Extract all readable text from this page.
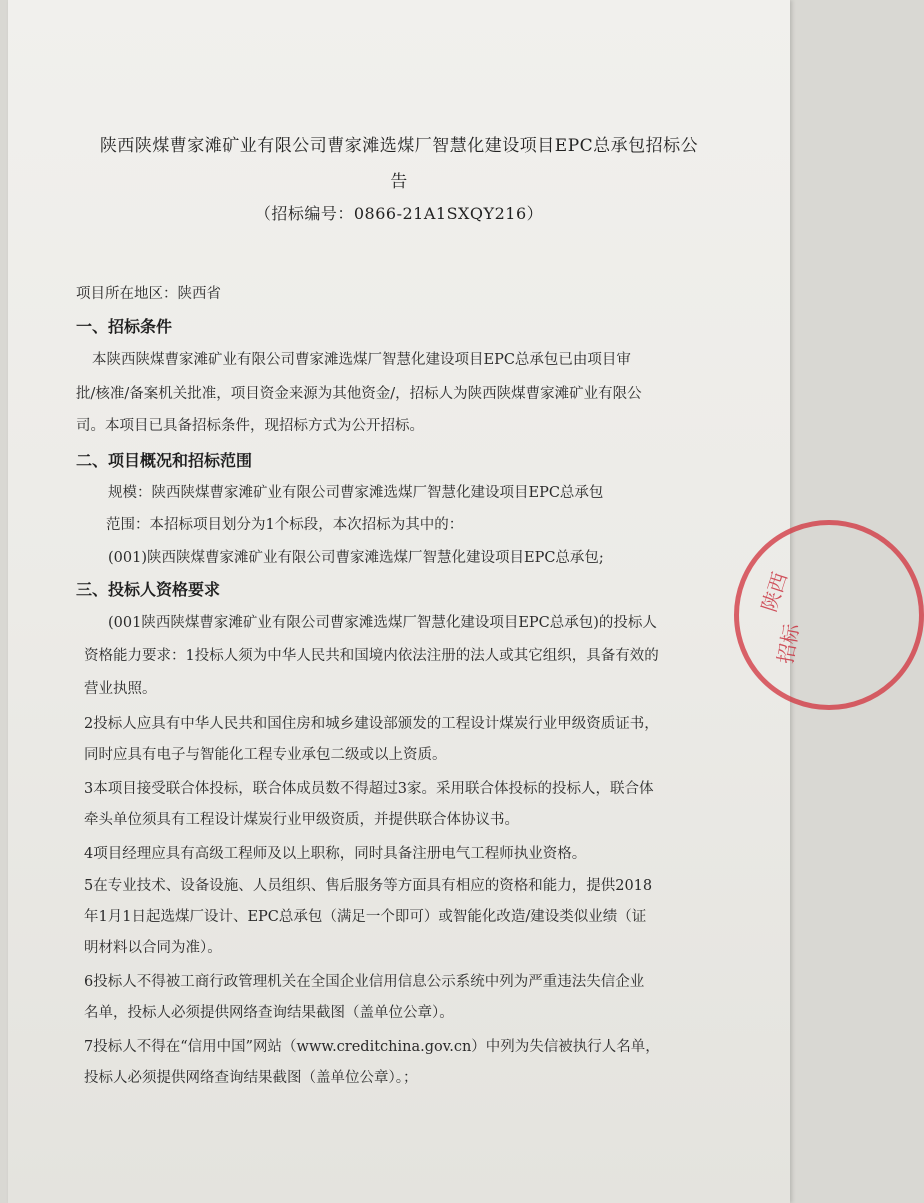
陕西陕煤曹家滩矿业有限公司曹家滩选煤厂智慧化建设项目EPC总承包招标公
告
（招标编号：0866-21A1SXQY216）
项目所在地区：陕西省
一、招标条件
本陕西陕煤曹家滩矿业有限公司曹家滩选煤厂智慧化建设项目EPC总承包已由项目审
批/核准/备案机关批准，项目资金来源为其他资金/，招标人为陕西陕煤曹家滩矿业有限公
司。本项目已具备招标条件，现招标方式为公开招标。
二、项目概况和招标范围
规模：陕西陕煤曹家滩矿业有限公司曹家滩选煤厂智慧化建设项目EPC总承包
范围：本招标项目划分为1个标段，本次招标为其中的：
(001)陕西陕煤曹家滩矿业有限公司曹家滩选煤厂智慧化建设项目EPC总承包;
三、投标人资格要求
(001陕西陕煤曹家滩矿业有限公司曹家滩选煤厂智慧化建设项目EPC总承包)的投标人
资格能力要求：1投标人须为中华人民共和国境内依法注册的法人或其它组织，具备有效的
营业执照。
2投标人应具有中华人民共和国住房和城乡建设部颁发的工程设计煤炭行业甲级资质证书，
同时应具有电子与智能化工程专业承包二级或以上资质。
3本项目接受联合体投标，联合体成员数不得超过3家。采用联合体投标的投标人，联合体
牵头单位须具有工程设计煤炭行业甲级资质，并提供联合体协议书。
4项目经理应具有高级工程师及以上职称，同时具备注册电气工程师执业资格。
5在专业技术、设备设施、人员组织、售后服务等方面具有相应的资格和能力，提供2018
年1月1日起选煤厂设计、EPC总承包（满足一个即可）或智能化改造/建设类似业绩（证
明材料以合同为准）。
6投标人不得被工商行政管理机关在全国企业信用信息公示系统中列为严重违法失信企业
名单，投标人必须提供网络查询结果截图（盖单位公章）。
7投标人不得在“信用中国”网站（www.creditchina.gov.cn）中列为失信被执行人名单，
投标人必须提供网络查询结果截图（盖单位公章）。；
陕西
招标
